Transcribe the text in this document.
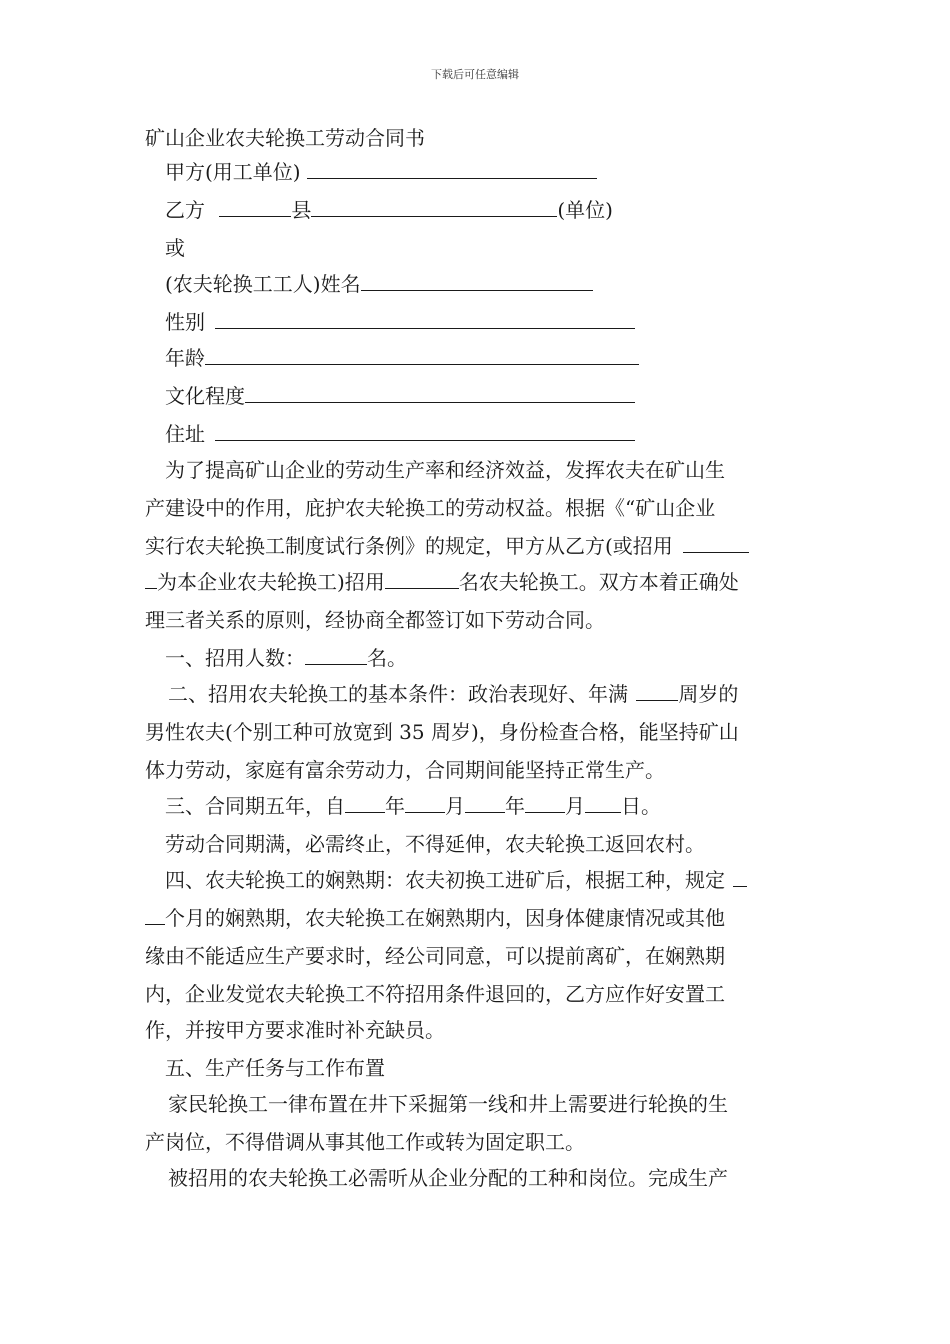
下载后可任意编辑
矿山企业农夫轮换工劳动合同书
甲方(用工单位)
乙方	县	(单位)
或
(农夫轮换工工人)姓名
性别
年龄
文化程度
住址
为了提高矿山企业的劳动生产率和经济效益，发挥农夫在矿山生
产建设中的作用，庇护农夫轮换工的劳动权益。根据《“矿山企业
实行农夫轮换工制度试行条例》的规定，甲方从乙方(或招用
为本企业农夫轮换工)招用	名农夫轮换工。双方本着正确处
理三者关系的原则，经协商全都签订如下劳动合同。
一、招用人数：	名。
二、招用农夫轮换工的基本条件：政治表现好、年满	周岁的
男性农夫(个别工种可放宽到 35 周岁)，身份检查合格，能坚持矿山
体力劳动，家庭有富余劳动力，合同期间能坚持正常生产。
三、合同期五年，自 年 月 年 月 日。
劳动合同期满，必需终止，不得延伸，农夫轮换工返回农村。
四、农夫轮换工的娴熟期：农夫初换工进矿后，根据工种，规定
个月的娴熟期，农夫轮换工在娴熟期内，因身体健康情况或其他
缘由不能适应生产要求时，经公司同意，可以提前离矿，在娴熟期
内，企业发觉农夫轮换工不符招用条件退回的，乙方应作好安置工
作，并按甲方要求准时补充缺员。
五、生产任务与工作布置
家民轮换工一律布置在井下采掘第一线和井上需要进行轮换的生
产岗位，不得借调从事其他工作或转为固定职工。
被招用的农夫轮换工必需听从企业分配的工种和岗位。完成生产
